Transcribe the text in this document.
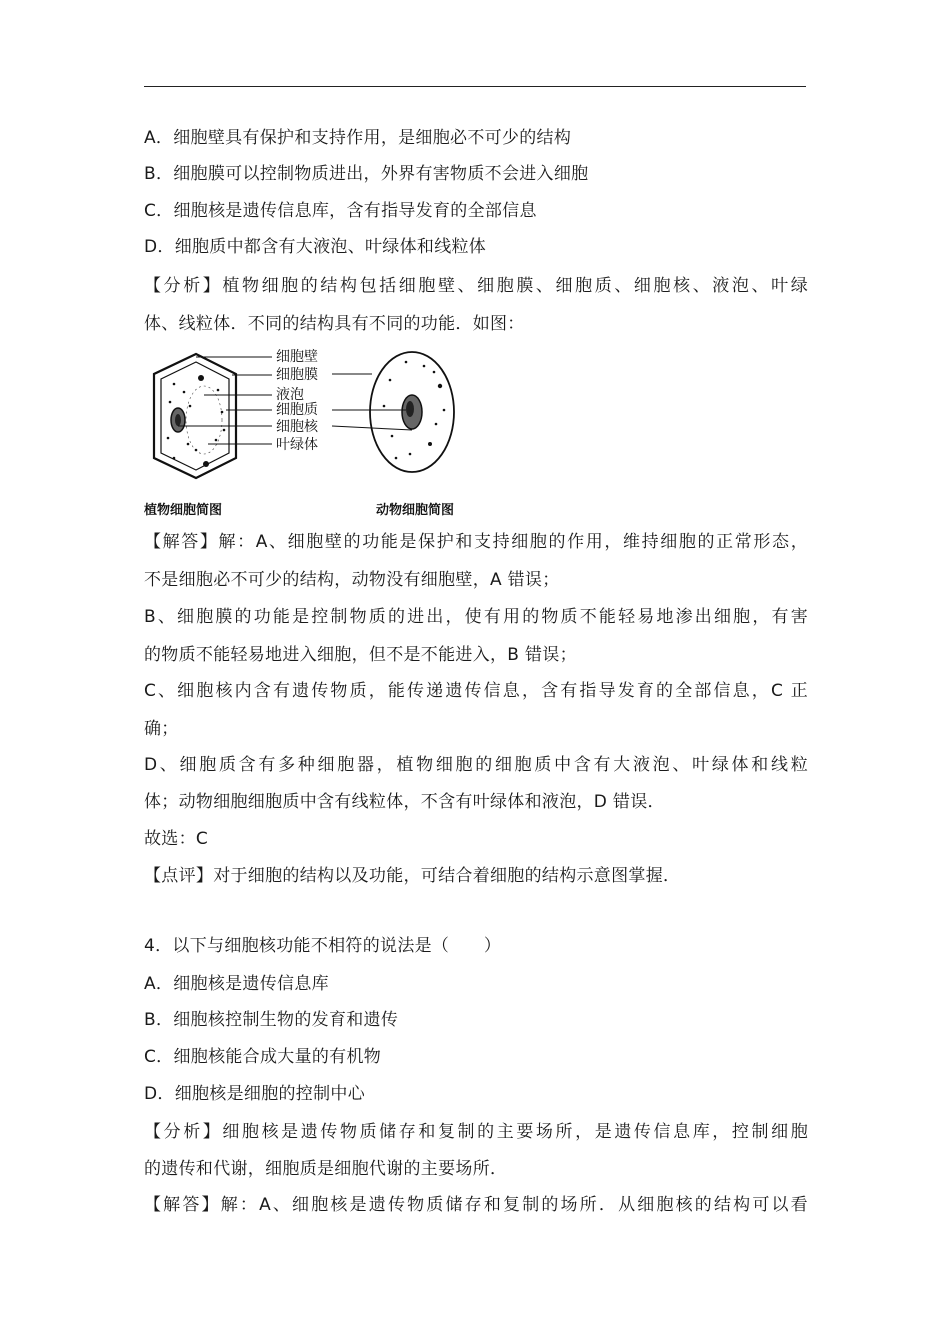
A．细胞壁具有保护和支持作用，是细胞必不可少的结构
B．细胞膜可以控制物质进出，外界有害物质不会进入细胞
C．细胞核是遗传信息库，含有指导发育的全部信息
D．细胞质中都含有大液泡、叶绿体和线粒体
【分析】植物细胞的结构包括细胞壁、细胞膜、细胞质、细胞核、液泡、叶绿
体、线粒体．不同的结构具有不同的功能．如图：
细胞壁
细胞膜
液泡
细胞质
细胞核
叶绿体
植物细胞简图	动物细胞简图
【解答】解：A、细胞壁的功能是保护和支持细胞的作用，维持细胞的正常形态，
不是细胞必不可少的结构，动物没有细胞壁，A 错误；
B、细胞膜的功能是控制物质的进出，使有用的物质不能轻易地渗出细胞，有害
的物质不能轻易地进入细胞，但不是不能进入，B 错误；
C、细胞核内含有遗传物质，能传递遗传信息，含有指导发育的全部信息，C 正
确；
D、细胞质含有多种细胞器，植物细胞的细胞质中含有大液泡、叶绿体和线粒
体；动物细胞细胞质中含有线粒体，不含有叶绿体和液泡，D 错误．
故选：C
【点评】对于细胞的结构以及功能，可结合着细胞的结构示意图掌握．
4．以下与细胞核功能不相符的说法是（　　）
A．细胞核是遗传信息库
B．细胞核控制生物的发育和遗传
C．细胞核能合成大量的有机物
D．细胞核是细胞的控制中心
【分析】细胞核是遗传物质储存和复制的主要场所，是遗传信息库，控制细胞
的遗传和代谢，细胞质是细胞代谢的主要场所．
【解答】解：A、细胞核是遗传物质储存和复制的场所．从细胞核的结构可以看
